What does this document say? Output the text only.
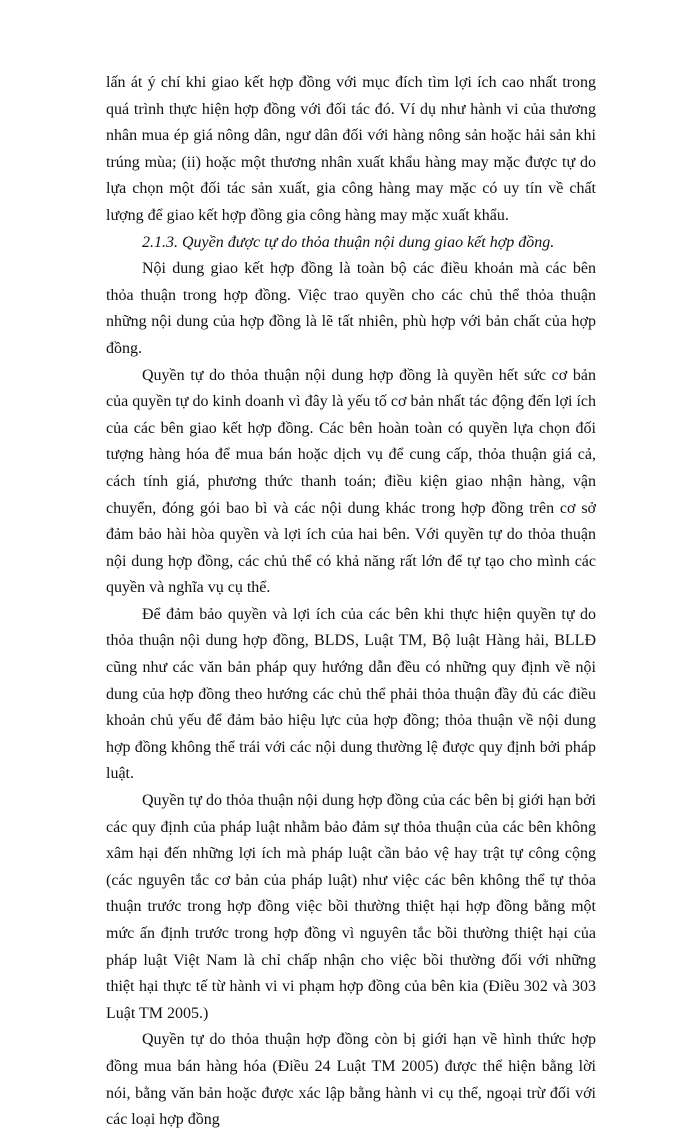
lấn át ý chí khi giao kết hợp đồng với mục đích tìm lợi ích cao nhất trong quá trình thực hiện hợp đồng với đối tác đó. Ví dụ như hành vi của thương nhân mua ép giá nông dân, ngư dân đối với hàng nông sản hoặc hải sản khi trúng mùa; (ii) hoặc một thương nhân xuất khẩu hàng may mặc được tự do lựa chọn một đối tác sản xuất, gia công hàng may mặc có uy tín về chất lượng để giao kết hợp đồng gia công hàng may mặc xuất khẩu.

2.1.3. Quyền được tự do thỏa thuận nội dung giao kết hợp đồng.

Nội dung giao kết hợp đồng là toàn bộ các điều khoản mà các bên thỏa thuận trong hợp đồng. Việc trao quyền cho các chủ thể thỏa thuận những nội dung của hợp đồng là lẽ tất nhiên, phù hợp với bản chất của hợp đồng.

Quyền tự do thỏa thuận nội dung hợp đồng là quyền hết sức cơ bản của quyền tự do kinh doanh vì đây là yếu tố cơ bản nhất tác động đến lợi ích của các bên giao kết hợp đồng. Các bên hoàn toàn có quyền lựa chọn đối tượng hàng hóa để mua bán hoặc dịch vụ để cung cấp, thỏa thuận giá cả, cách tính giá, phương thức thanh toán; điều kiện giao nhận hàng, vận chuyển, đóng gói bao bì và các nội dung khác trong hợp đồng trên cơ sở đảm bảo hài hòa quyền và lợi ích của hai bên. Với quyền tự do thỏa thuận nội dung hợp đồng, các chủ thể có khả năng rất lớn để tự tạo cho mình các quyền và nghĩa vụ cụ thể.

Để đảm bảo quyền và lợi ích của các bên khi thực hiện quyền tự do thỏa thuận nội dung hợp đồng, BLDS, Luật TM, Bộ luật Hàng hải, BLLĐ cũng như các văn bản pháp quy hướng dẫn đều có những quy định về nội dung của hợp đồng theo hướng các chủ thể phải thỏa thuận đầy đủ các điều khoản chủ yếu để đảm bảo hiệu lực của hợp đồng; thỏa thuận về nội dung hợp đồng không thể trái với các nội dung thường lệ được quy định bởi pháp luật.

Quyền tự do thỏa thuận nội dung hợp đồng của các bên bị giới hạn bởi các quy định của pháp luật nhằm bảo đảm sự thỏa thuận của các bên không xâm hại đến những lợi ích mà pháp luật cần bảo vệ hay trật tự công cộng (các nguyên tắc cơ bản của pháp luật) như việc các bên không thể tự thỏa thuận trước trong hợp đồng việc bồi thường thiệt hại hợp đồng bằng một mức ấn định trước trong hợp đồng vì nguyên tắc bồi thường thiệt hại của pháp luật Việt Nam là chỉ chấp nhận cho việc bồi thường đối với những thiệt hại thực tế từ hành vi vi phạm hợp đồng của bên kia (Điều 302 và 303 Luật TM 2005.)

Quyền tự do thỏa thuận hợp đồng còn bị giới hạn về hình thức hợp đồng mua bán hàng hóa (Điều 24 Luật TM 2005) được thể hiện bằng lời nói, bằng văn bản hoặc được xác lập bằng hành vi cụ thể, ngoại trừ đối với các loại hợp đồng
